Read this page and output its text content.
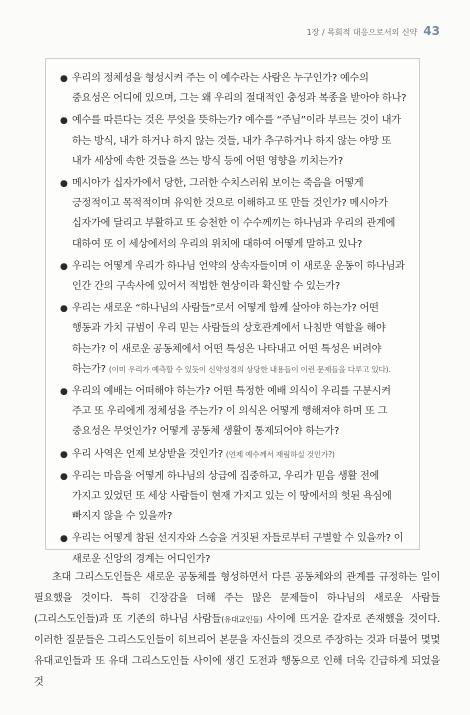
1장 / 목회적 대응으로서의 신약 43
● 우리의 정체성을 형성시켜 주는 이 예수라는 사람은 누구인가? 예수의 중요성은 어디에 있으며, 그는 왜 우리의 절대적인 충성과 복종을 받아야 하나?
● 예수를 따른다는 것은 무엇을 뜻하는가? 예수를 “주님”이라 부르는 것이 내가 하는 방식, 내가 하거나 하지 않는 것들, 내가 추구하거나 하지 않는 야망 또 내가 세상에 속한 것들을 쓰는 방식 등에 어떤 영향을 끼치는가?
● 메시아가 십자가에서 당한, 그러한 수치스러워 보이는 죽음을 어떻게 긍정적이고 목적적이며 유익한 것으로 이해하고 또 만들 것인가? 메시아가 십자가에 달리고 부활하고 또 승천한 이 수수께끼는 하나님과 우리의 관계에 대하여 또 이 세상에서의 우리의 위치에 대하여 어떻게 말하고 있나?
● 우리는 어떻게 우리가 하나님 언약의 상속자들이며 이 새로운 운동이 하나님과 인간 간의 구속사에 있어서 적법한 현상이라 확신할 수 있는가?
● 우리는 새로운 “하나님의 사람들”로서 어떻게 함께 살아야 하는가? 어떤 행동과 가치 규범이 우리 믿는 사람들의 상호관계에서 나침반 역할을 해야 하는가? 이 새로운 공동체에서 어떤 특성은 나타내고 어떤 특성은 버려야 하는가? (이미 우리가 예측할 수 있듯이 신약성경의 상당한 내용들이 이런 문제들을 다루고 있다).
● 우리의 예배는 어떠해야 하는가? 어떤 특정한 예배 의식이 우리를 구분시켜 주고 또 우리에게 정체성을 주는가? 이 의식은 어떻게 행해져야 하며 또 그 중요성은 무엇인가? 어떻게 공동체 생활이 통제되어야 하는가?
● 우리 사역은 언제 보상받을 것인가? (언제 예수께서 재림하실 것인가?)
● 우리는 마음을 어떻게 하나님의 상급에 집중하고, 우리가 믿음 생활 전에 가지고 있었던 또 세상 사람들이 현재 가지고 있는 이 땅에서의 헛된 욕심에 빠지지 않을 수 있을까?
● 우리는 어떻게 참된 선지자와 스승을 거짓된 자들로부터 구별할 수 있을까? 이 새로운 신앙의 경계는 어디인가?

초대 그리스도인들은 새로운 공동체를 형성하면서 다른 공동체와의 관계를 규정하는 일이 필요했을 것이다. 특히 긴장감을 더해 주는 많은 문제들이 하나님의 새로운 사람들(그리스도인들)과 또 기존의 하나님 사람들(유대교인들) 사이에 뜨거운 갈자로 존재했을 것이다. 이러한 질문들은 그리스도인들이 히브리어 본문을 자신들의 것으로 주장하는 것과 더불어 몇몇 유대교인들과 또 유대 그리스도인들 사이에 생긴 도전과 행동으로 인해 더욱 긴급하게 되었을 것
